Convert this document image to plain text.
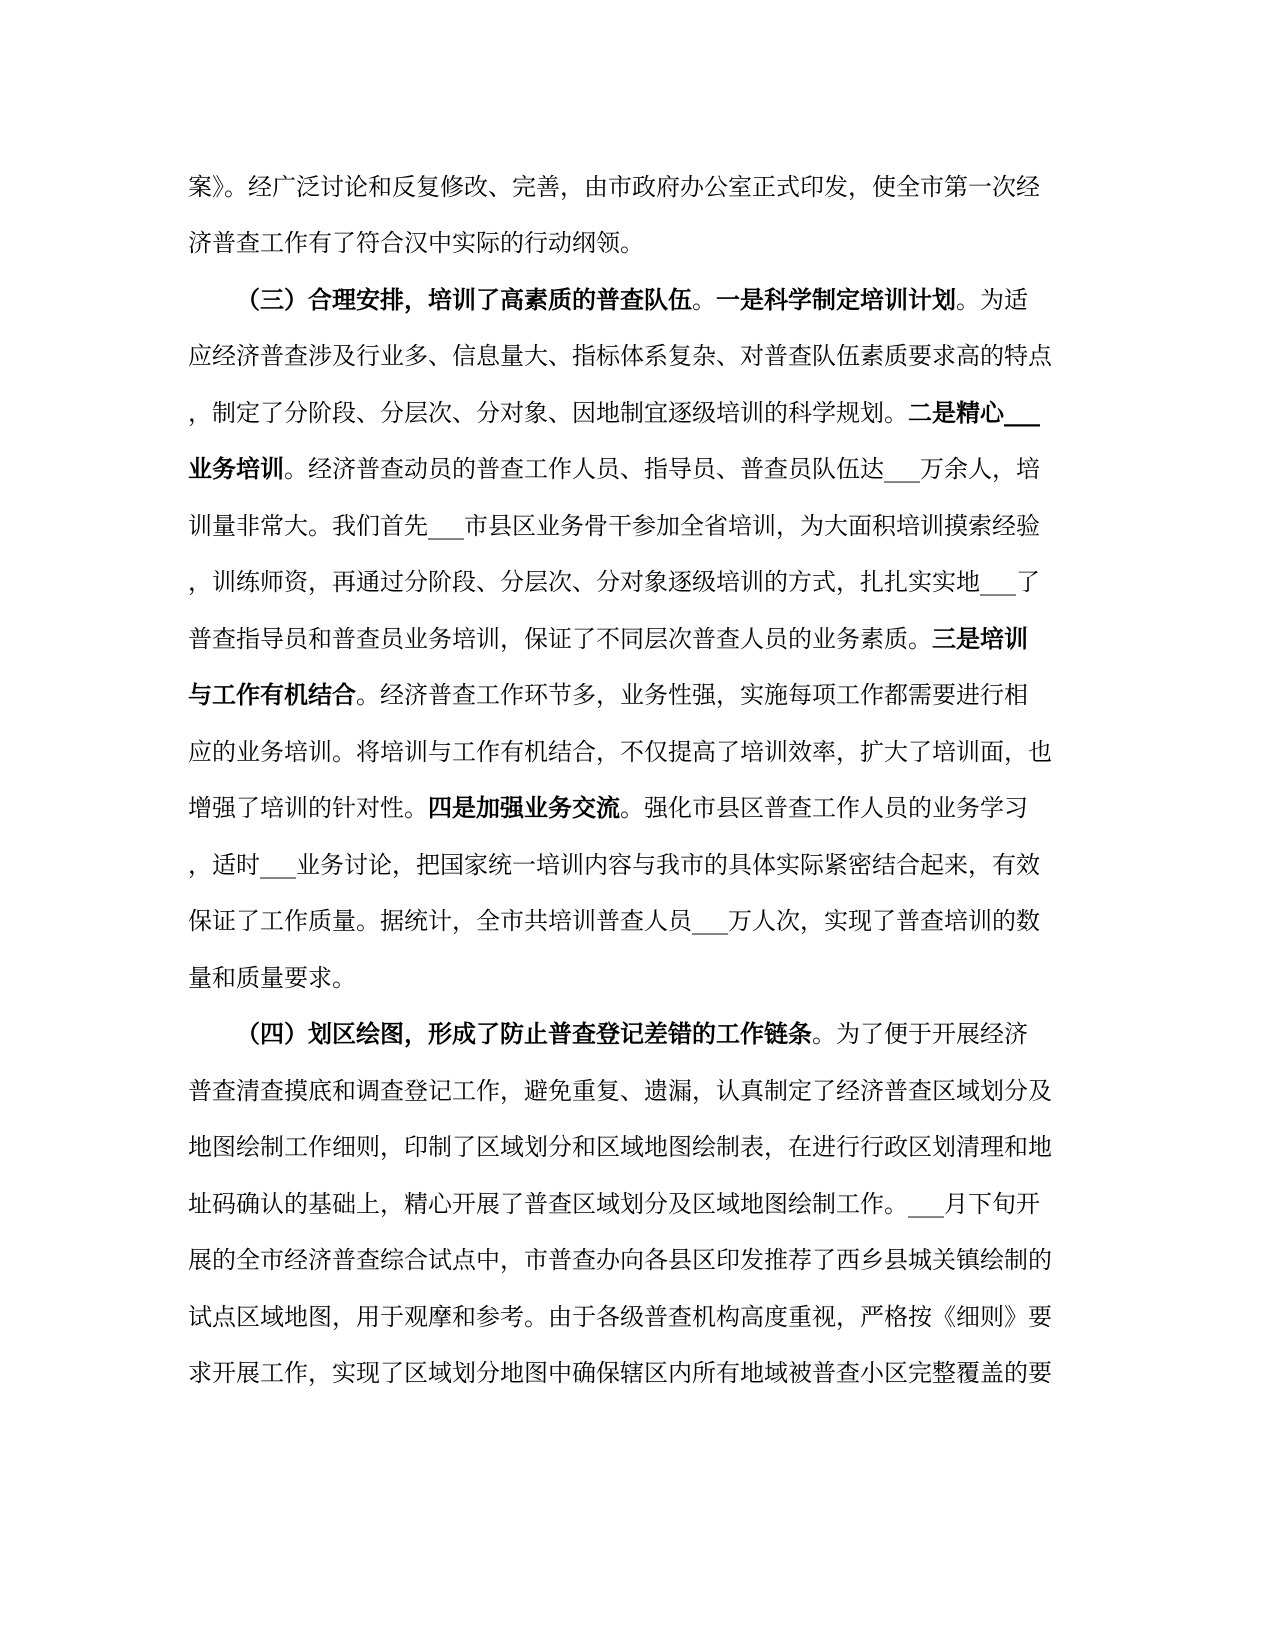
案》。经广泛讨论和反复修改、完善，由市政府办公室正式印发，使全市第一次经
济普查工作有了符合汉中实际的行动纲领。
（三）合理安排，培训了高素质的普查队伍。一是科学制定培训计划。为适
应经济普查涉及行业多、信息量大、指标体系复杂、对普查队伍素质要求高的特点
，制定了分阶段、分层次、分对象、因地制宜逐级培训的科学规划。二是精心___
业务培训。经济普查动员的普查工作人员、指导员、普查员队伍达___万余人，培
训量非常大。我们首先___市县区业务骨干参加全省培训，为大面积培训摸索经验
，训练师资，再通过分阶段、分层次、分对象逐级培训的方式，扎扎实实地___了
普查指导员和普查员业务培训，保证了不同层次普查人员的业务素质。三是培训
与工作有机结合。经济普查工作环节多，业务性强，实施每项工作都需要进行相
应的业务培训。将培训与工作有机结合，不仅提高了培训效率，扩大了培训面，也
增强了培训的针对性。四是加强业务交流。强化市县区普查工作人员的业务学习
，适时___业务讨论，把国家统一培训内容与我市的具体实际紧密结合起来，有效
保证了工作质量。据统计，全市共培训普查人员___万人次，实现了普查培训的数
量和质量要求。
（四）划区绘图，形成了防止普查登记差错的工作链条。为了便于开展经济
普查清查摸底和调查登记工作，避免重复、遗漏，认真制定了经济普查区域划分及
地图绘制工作细则，印制了区域划分和区域地图绘制表，在进行行政区划清理和地
址码确认的基础上，精心开展了普查区域划分及区域地图绘制工作。___月下旬开
展的全市经济普查综合试点中，市普查办向各县区印发推荐了西乡县城关镇绘制的
试点区域地图，用于观摩和参考。由于各级普查机构高度重视，严格按《细则》要
求开展工作，实现了区域划分地图中确保辖区内所有地域被普查小区完整覆盖的要
